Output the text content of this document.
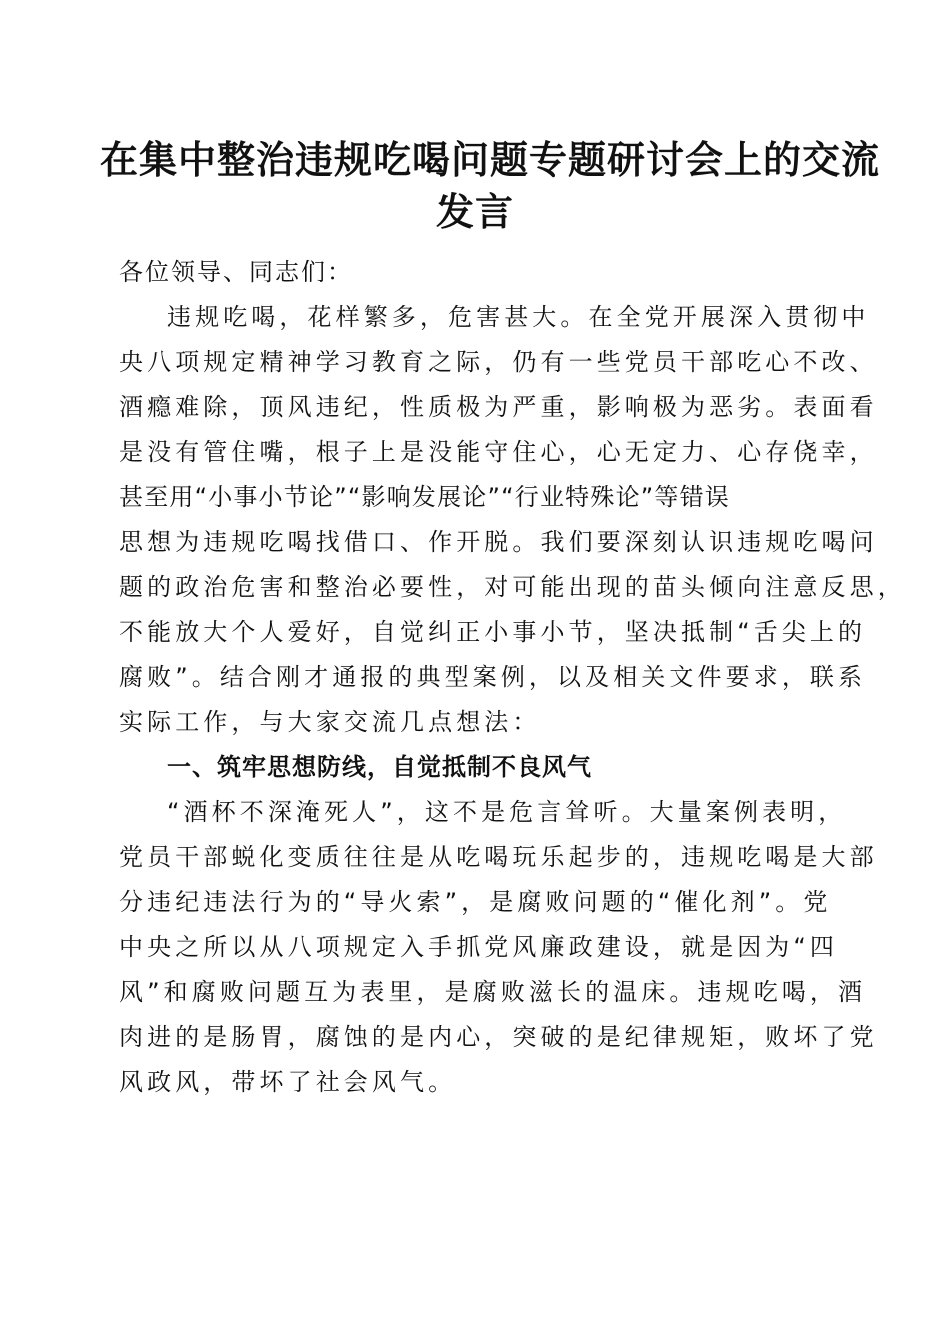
在集中整治违规吃喝问题专题研讨会上的交流
发言
各位领导、同志们：

违规吃喝，花样繁多，危害甚大。在全党开展深入贯彻中
央八项规定精神学习教育之际，仍有一些党员干部吃心不改、
酒瘾难除，顶风违纪，性质极为严重，影响极为恶劣。表面看
是没有管住嘴，根子上是没能守住心，心无定力、心存侥幸，
甚至用“小事小节论”“影响发展论”“行业特殊论”等错误
思想为违规吃喝找借口、作开脱。我们要深刻认识违规吃喝问
题的政治危害和整治必要性，对可能出现的苗头倾向注意反思，
不能放大个人爱好，自觉纠正小事小节，坚决抵制“舌尖上的
腐败”。结合刚才通报的典型案例，以及相关文件要求，联系
实际工作，与大家交流几点想法：

一、筑牢思想防线，自觉抵制不良风气

“酒杯不深淹死人”，这不是危言耸听。大量案例表明，
党员干部蜕化变质往往是从吃喝玩乐起步的，违规吃喝是大部
分违纪违法行为的“导火索”，是腐败问题的“催化剂”。党
中央之所以从八项规定入手抓党风廉政建设，就是因为“四
风”和腐败问题互为表里，是腐败滋长的温床。违规吃喝，酒
肉进的是肠胃，腐蚀的是内心，突破的是纪律规矩，败坏了党
风政风，带坏了社会风气。
